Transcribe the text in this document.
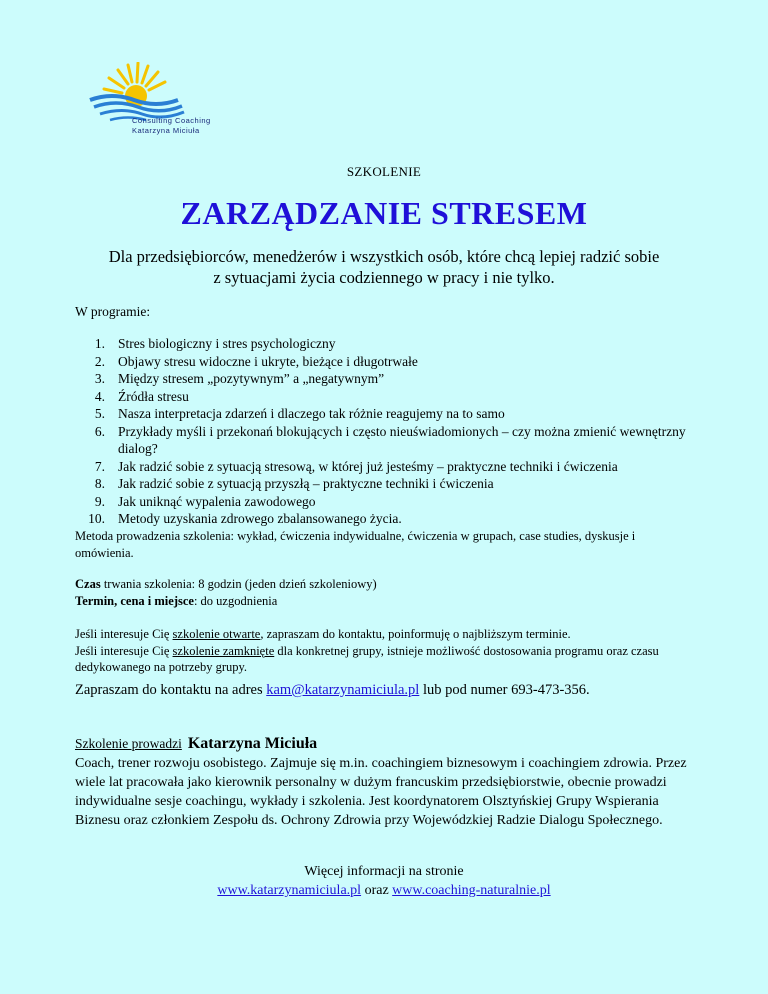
Consulting Coaching
Katarzyna Miciuła
SZKOLENIE
ZARZĄDZANIE STRESEM
Dla przedsiębiorców, menedżerów i wszystkich osób, które chcą lepiej radzić sobie
z sytuacjami życia codziennego w pracy i nie tylko.
W programie:
1. Stres biologiczny i stres psychologiczny
2. Objawy stresu widoczne i ukryte, bieżące i długotrwałe
3. Między stresem „pozytywnym” a „negatywnym”
4. Źródła stresu
5. Nasza interpretacja zdarzeń i dlaczego tak różnie reagujemy na to samo
6. Przykłady myśli i przekonań blokujących i często nieuświadomionych – czy można zmienić wewnętrzny dialog?
7. Jak radzić sobie z sytuacją stresową, w której już jesteśmy – praktyczne techniki i ćwiczenia
8. Jak radzić sobie z sytuacją przyszłą – praktyczne techniki i ćwiczenia
9. Jak uniknąć wypalenia zawodowego
10. Metody uzyskania zdrowego zbalansowanego życia.
Metoda prowadzenia szkolenia: wykład, ćwiczenia indywidualne, ćwiczenia w grupach, case studies, dyskusje i omówienia.
Czas trwania szkolenia: 8 godzin (jeden dzień szkoleniowy)
Termin, cena i miejsce: do uzgodnienia
Jeśli interesuje Cię szkolenie otwarte, zapraszam do kontaktu, poinformuję o najbliższym terminie.
Jeśli interesuje Cię szkolenie zamknięte dla konkretnej grupy, istnieje możliwość dostosowania programu oraz czasu dedykowanego na potrzeby grupy.
Zapraszam do kontaktu na adres kam@katarzynamiciula.pl lub pod numer 693-473-356.
Szkolenie prowadzi Katarzyna Miciuła
Coach, trener rozwoju osobistego. Zajmuje się m.in. coachingiem biznesowym i coachingiem zdrowia. Przez wiele lat pracowała jako kierownik personalny w dużym francuskim przedsiębiorstwie, obecnie prowadzi indywidualne sesje coachingu, wykłady i szkolenia. Jest koordynatorem Olsztyńskiej Grupy Wspierania Biznesu oraz członkiem Zespołu ds. Ochrony Zdrowia przy Wojewódzkiej Radzie Dialogu Społecznego.
Więcej informacji na stronie
www.katarzynamiciula.pl oraz www.coaching-naturalnie.pl
